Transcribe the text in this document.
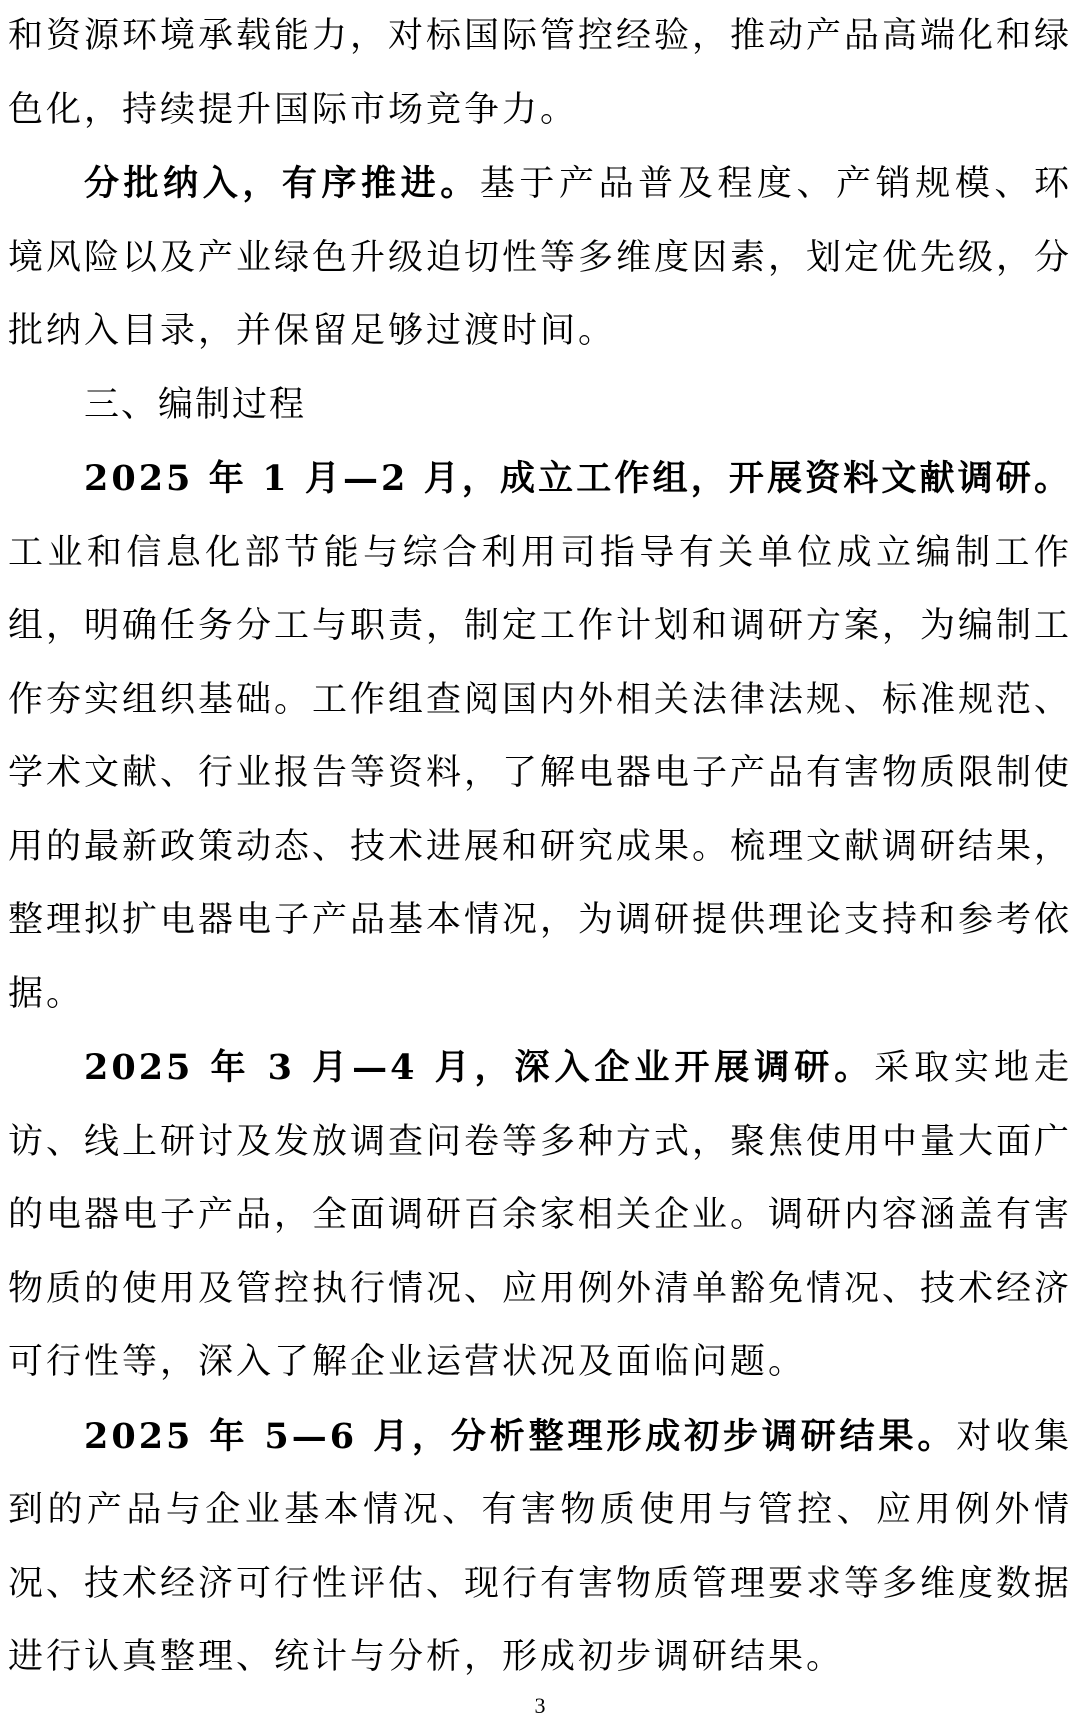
和资源环境承载能力，对标国际管控经验，推动产品高端化和绿色化，持续提升国际市场竞争力。

分批纳入，有序推进。基于产品普及程度、产销规模、环境风险以及产业绿色升级迫切性等多维度因素，划定优先级，分批纳入目录，并保留足够过渡时间。

三、编制过程

2025 年 1 月—2 月，成立工作组，开展资料文献调研。工业和信息化部节能与综合利用司指导有关单位成立编制工作组，明确任务分工与职责，制定工作计划和调研方案，为编制工作夯实组织基础。工作组查阅国内外相关法律法规、标准规范、学术文献、行业报告等资料，了解电器电子产品有害物质限制使用的最新政策动态、技术进展和研究成果。梳理文献调研结果，整理拟扩电器电子产品基本情况，为调研提供理论支持和参考依据。

2025 年 3 月—4 月，深入企业开展调研。采取实地走访、线上研讨及发放调查问卷等多种方式，聚焦使用中量大面广的电器电子产品，全面调研百余家相关企业。调研内容涵盖有害物质的使用及管控执行情况、应用例外清单豁免情况、技术经济可行性等，深入了解企业运营状况及面临问题。

2025 年 5—6 月，分析整理形成初步调研结果。对收集到的产品与企业基本情况、有害物质使用与管控、应用例外情况、技术经济可行性评估、现行有害物质管理要求等多维度数据进行认真整理、统计与分析，形成初步调研结果。

3
